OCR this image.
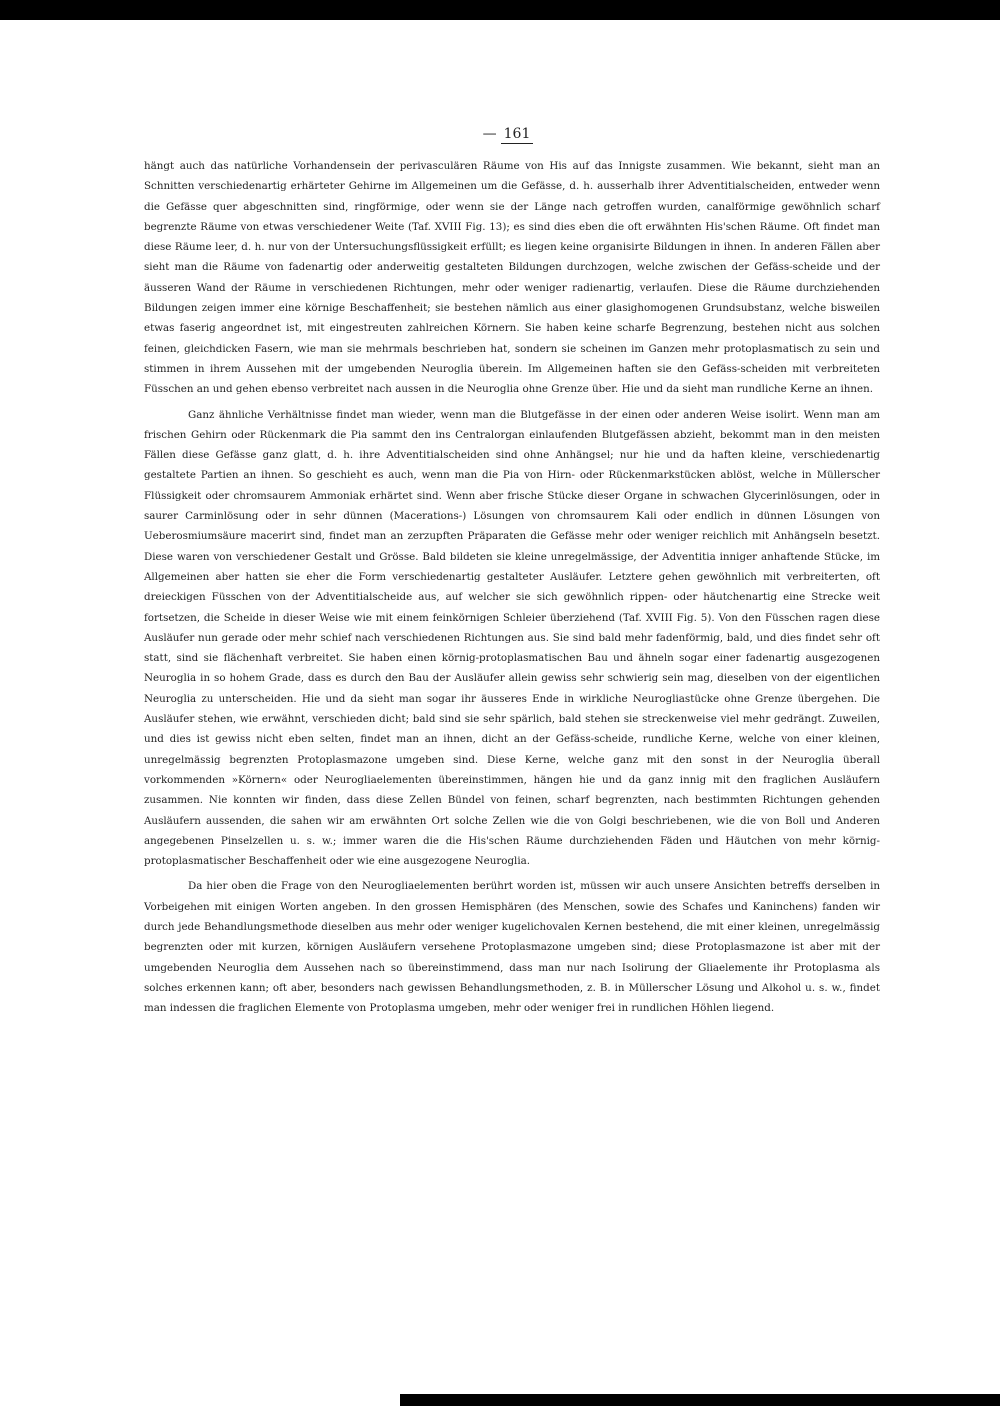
— 161

hängt auch das natürliche Vorhandensein der perivasculären Räume von His auf das Innigste zusammen. Wie bekannt, sieht man an Schnitten verschiedenartig erhärteter Gehirne im Allgemeinen um die Gefässe, d. h. ausserhalb ihrer Adventitialscheiden, entweder wenn die Gefässe quer abgeschnitten sind, ringförmige, oder wenn sie der Länge nach getroffen wurden, canalförmige gewöhnlich scharf begrenzte Räume von etwas verschiedener Weite (Taf. XVIII Fig. 13); es sind dies eben die oft erwähnten His'schen Räume. Oft findet man diese Räume leer, d. h. nur von der Untersuchungsflüssigkeit erfüllt; es liegen keine organisirte Bildungen in ihnen. In anderen Fällen aber sieht man die Räume von fadenartig oder anderweitig gestalteten Bildungen durchzogen, welche zwischen der Gefäss-scheide und der äusseren Wand der Räume in verschiedenen Richtungen, mehr oder weniger radienartig, verlaufen. Diese die Räume durchziehenden Bildungen zeigen immer eine körnige Beschaffenheit; sie bestehen nämlich aus einer glasighomogenen Grundsubstanz, welche bisweilen etwas faserig angeordnet ist, mit eingestreuten zahlreichen Körnern. Sie haben keine scharfe Begrenzung, bestehen nicht aus solchen feinen, gleichdicken Fasern, wie man sie mehrmals beschrieben hat, sondern sie scheinen im Ganzen mehr protoplasmatisch zu sein und stimmen in ihrem Aussehen mit der umgebenden Neuroglia überein. Im Allgemeinen haften sie den Gefäss-scheiden mit verbreiteten Füsschen an und gehen ebenso verbreitet nach aussen in die Neuroglia ohne Grenze über. Hie und da sieht man rundliche Kerne an ihnen.

Ganz ähnliche Verhältnisse findet man wieder, wenn man die Blutgefässe in der einen oder anderen Weise isolirt. Wenn man am frischen Gehirn oder Rückenmark die Pia sammt den ins Centralorgan einlaufenden Blutgefässen abzieht, bekommt man in den meisten Fällen diese Gefässe ganz glatt, d. h. ihre Adventitialscheiden sind ohne Anhängsel; nur hie und da haften kleine, verschiedenartig gestaltete Partien an ihnen. So geschieht es auch, wenn man die Pia von Hirn- oder Rückenmarkstücken ablöst, welche in Müllerscher Flüssigkeit oder chromsaurem Ammoniak erhärtet sind. Wenn aber frische Stücke dieser Organe in schwachen Glycerinlösungen, oder in saurer Carminlösung oder in sehr dünnen (Macerations-) Lösungen von chromsaurem Kali oder endlich in dünnen Lösungen von Ueberosmiumsäure macerirt sind, findet man an zerzupften Präparaten die Gefässe mehr oder weniger reichlich mit Anhängseln besetzt. Diese waren von verschiedener Gestalt und Grösse. Bald bildeten sie kleine unregelmässige, der Adventitia inniger anhaftende Stücke, im Allgemeinen aber hatten sie eher die Form verschiedenartig gestalteter Ausläufer. Letztere gehen gewöhnlich mit verbreiterten, oft dreieckigen Füsschen von der Adventitialscheide aus, auf welcher sie sich gewöhnlich rippen- oder häutchenartig eine Strecke weit fortsetzen, die Scheide in dieser Weise wie mit einem feinkörnigen Schleier überziehend (Taf. XVIII Fig. 5). Von den Füsschen ragen diese Ausläufer nun gerade oder mehr schief nach verschiedenen Richtungen aus. Sie sind bald mehr fadenförmig, bald, und dies findet sehr oft statt, sind sie flächenhaft verbreitet. Sie haben einen körnig-protoplasmatischen Bau und ähneln sogar einer fadenartig ausgezogenen Neuroglia in so hohem Grade, dass es durch den Bau der Ausläufer allein gewiss sehr schwierig sein mag, dieselben von der eigentlichen Neuroglia zu unterscheiden. Hie und da sieht man sogar ihr äusseres Ende in wirkliche Neurogliastücke ohne Grenze übergehen. Die Ausläufer stehen, wie erwähnt, verschieden dicht; bald sind sie sehr spärlich, bald stehen sie streckenweise viel mehr gedrängt. Zuweilen, und dies ist gewiss nicht eben selten, findet man an ihnen, dicht an der Gefäss-scheide, rundliche Kerne, welche von einer kleinen, unregelmässig begrenzten Protoplasmazone umgeben sind. Diese Kerne, welche ganz mit den sonst in der Neuroglia überall vorkommenden »Körnern« oder Neurogliaelementen übereinstimmen, hängen hie und da ganz innig mit den fraglichen Ausläufern zusammen. Nie konnten wir finden, dass diese Zellen Bündel von feinen, scharf begrenzten, nach bestimmten Richtungen gehenden Ausläufern aussenden, die sahen wir am erwähnten Ort solche Zellen wie die von Golgi beschriebenen, wie die von Boll und Anderen angegebenen Pinselzellen u. s. w.; immer waren die die His'schen Räume durchziehenden Fäden und Häutchen von mehr körnig-protoplasmatischer Beschaffenheit oder wie eine ausgezogene Neuroglia.

Da hier oben die Frage von den Neurogliaelementen berührt worden ist, müssen wir auch unsere Ansichten betreffs derselben in Vorbeigehen mit einigen Worten angeben. In den grossen Hemisphären (des Menschen, sowie des Schafes und Kaninchens) fanden wir durch jede Behandlungsmethode dieselben aus mehr oder weniger kugelichovalen Kernen bestehend, die mit einer kleinen, unregelmässig begrenzten oder mit kurzen, körnigen Ausläufern versehene Protoplasmazone umgeben sind; diese Protoplasmazone ist aber mit der umgebenden Neuroglia dem Aussehen nach so übereinstimmend, dass man nur nach Isolirung der Gliaelemente ihr Protoplasma als solches erkennen kann; oft aber, besonders nach gewissen Behandlungsmethoden, z. B. in Müllerscher Lösung und Alkohol u. s. w., findet man indessen die fraglichen Elemente von Protoplasma umgeben, mehr oder weniger frei in rundlichen Höhlen liegend.
